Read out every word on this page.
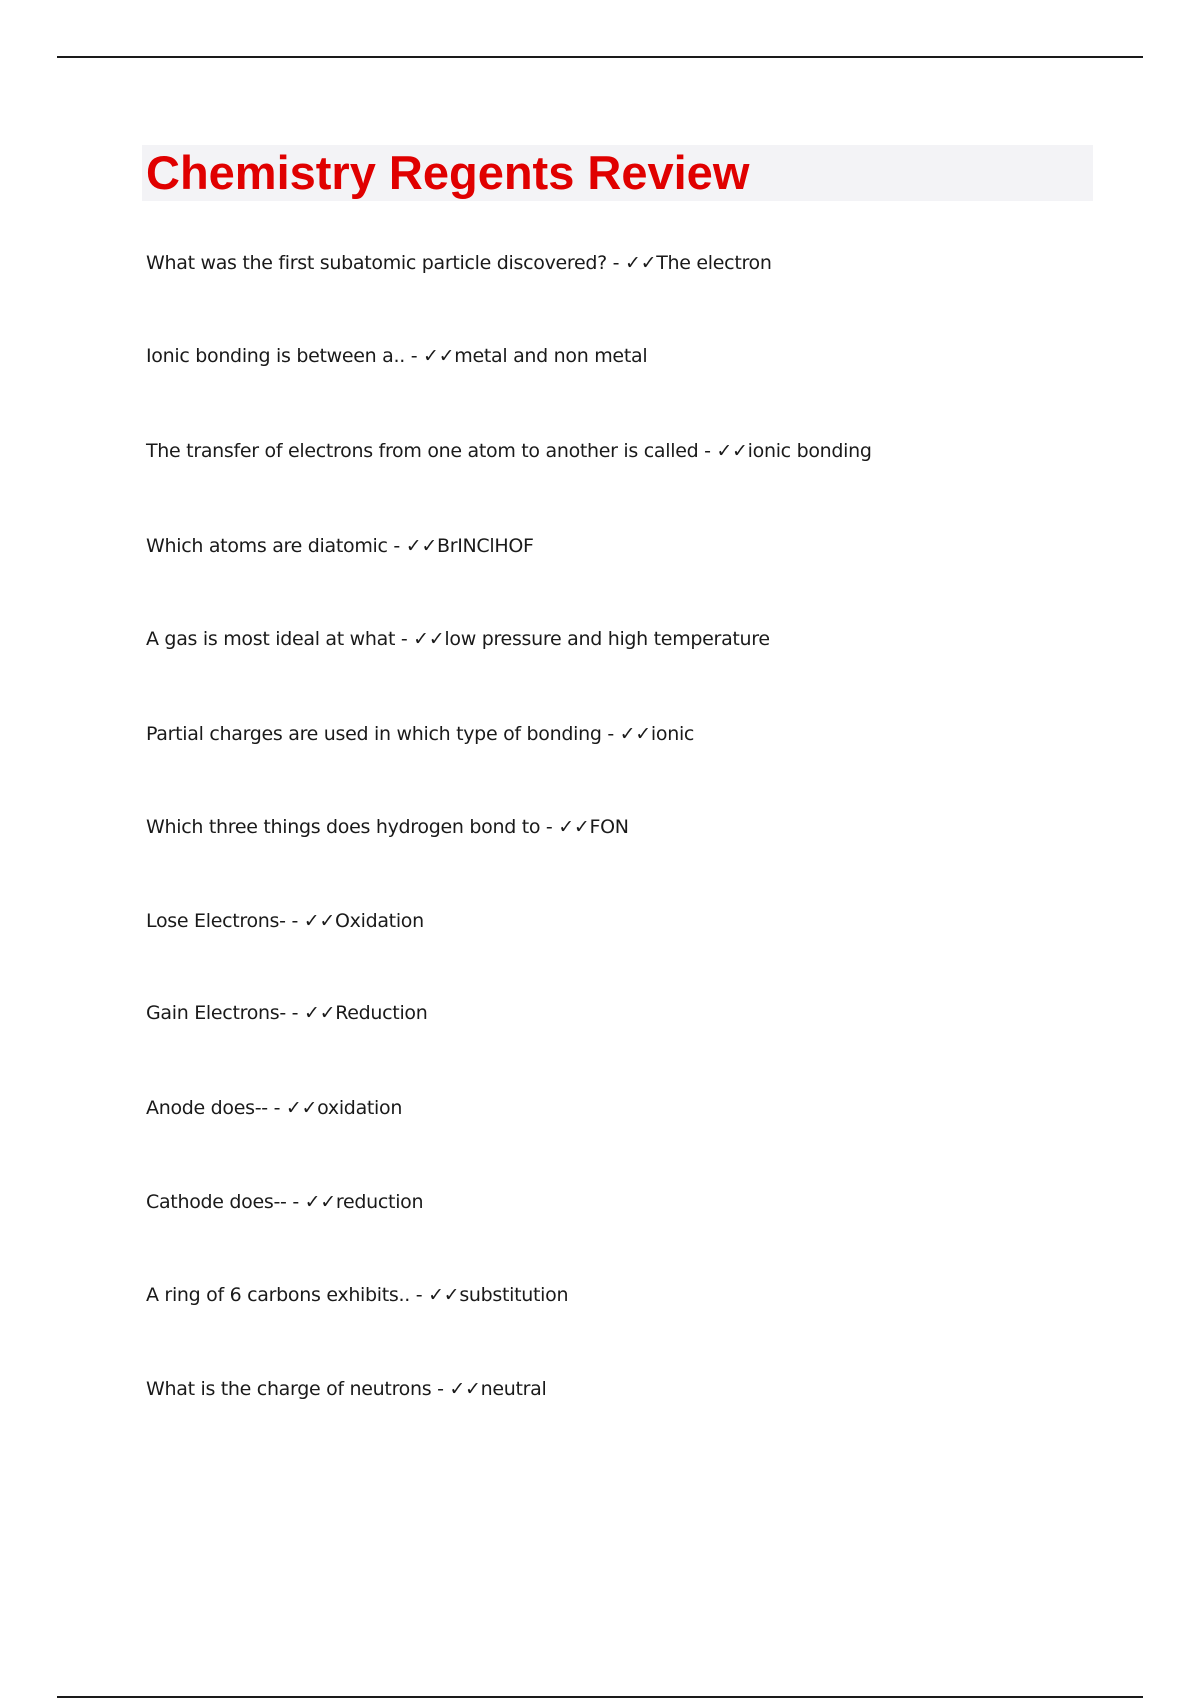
Chemistry Regents Review
What was the first subatomic particle discovered? - ✓✓The electron
Ionic bonding is between a.. - ✓✓metal and non metal
The transfer of electrons from one atom to another is called - ✓✓ionic bonding
Which atoms are diatomic - ✓✓BrINClHOF
A gas is most ideal at what - ✓✓low pressure and high temperature
Partial charges are used in which type of bonding - ✓✓ionic
Which three things does hydrogen bond to - ✓✓FON
Lose Electrons- - ✓✓Oxidation
Gain Electrons- - ✓✓Reduction
Anode does-- - ✓✓oxidation
Cathode does-- - ✓✓reduction
A ring of 6 carbons exhibits.. - ✓✓substitution
What is the charge of neutrons - ✓✓neutral
